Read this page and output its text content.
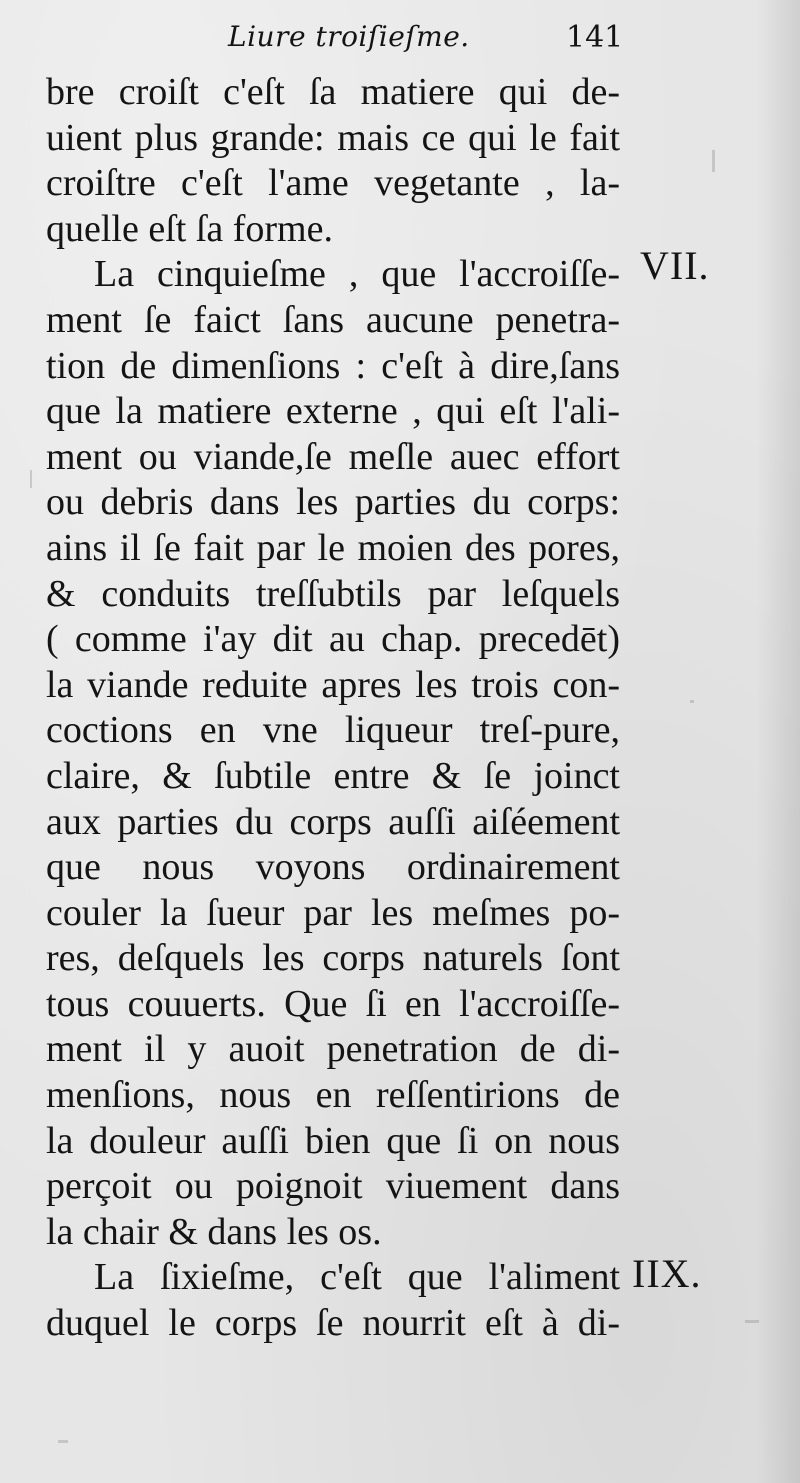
Liure troiſieſme.	141
VII.
IIX.
bre croiſt c'eſt ſa matiere qui de-
uient plus grande: mais ce qui le fait
croiſtre c'eſt l'ame vegetante , la-
quelle eſt ſa forme.
La cinquieſme , que l'accroiſſe-
ment ſe faict ſans aucune penetra-
tion de dimenſions : c'eſt à dire,ſans
que la matiere externe , qui eſt l'ali-
ment ou viande,ſe meſle auec effort
ou debris dans les parties du corps:
ains il ſe fait par le moien des pores,
& conduits treſſubtils par leſquels
( comme i'ay dit au chap. precedēt)
la viande reduite apres les trois con-
coctions en vne liqueur treſ-pure,
claire, & ſubtile entre & ſe joinct
aux parties du corps auſſi aiſéement
que nous voyons ordinairement
couler la ſueur par les meſmes po-
res, deſquels les corps naturels ſont
tous couuerts. Que ſi en l'accroiſſe-
ment il y auoit penetration de di-
menſions, nous en reſſentirions de
la douleur auſſi bien que ſi on nous
perçoit ou poignoit viuement dans
la chair & dans les os.
La ſixieſme, c'eſt que l'aliment
duquel le corps ſe nourrit eſt à di-
